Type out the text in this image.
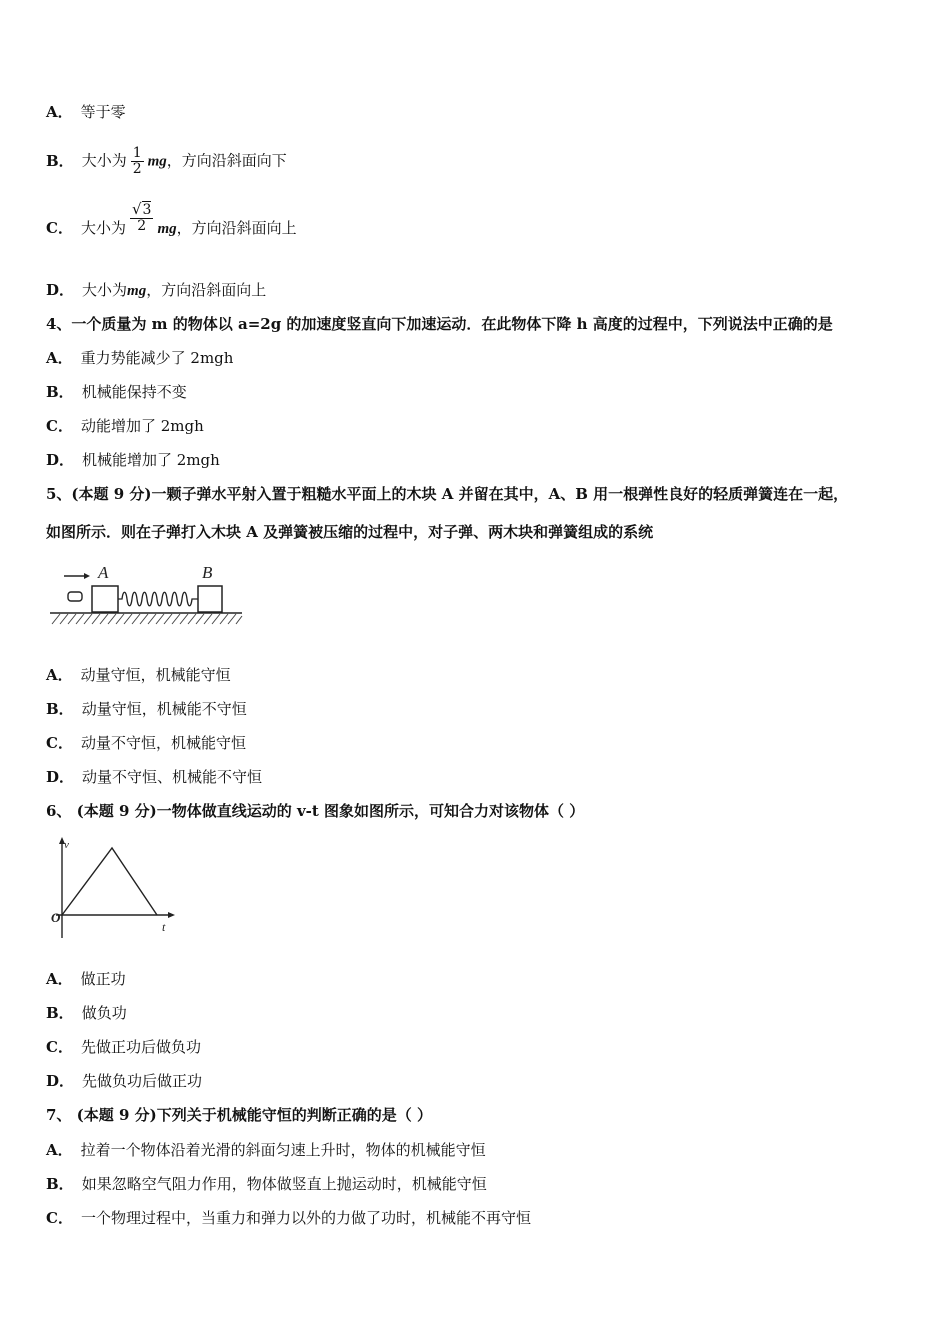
A． 等于零
B． 大小为 $\frac{1}{2}$ mg，方向沿斜面向下
C． 大小为 $\frac{√3}{2}$ mg，方向沿斜面向上
D． 大小为mg，方向沿斜面向上
4、一个质量为 m 的物体以 a=2g 的加速度竖直向下加速运动．在此物体下降 h 高度的过程中，下列说法中正确的是
A． 重力势能减少了 2mgh
B． 机械能保持不变
C． 动能增加了 2mgh
D． 机械能增加了 2mgh
5、(本题 9 分)一颗子弹水平射入置于粗糙水平面上的木块 A 并留在其中，A、B 用一根弹性良好的轻质弹簧连在一起，
如图所示．则在子弹打入木块 A 及弹簧被压缩的过程中，对子弹、两木块和弹簧组成的系统
A	B
A． 动量守恒，机械能守恒
B． 动量守恒，机械能不守恒
C． 动量不守恒，机械能守恒
D． 动量不守恒、机械能不守恒
6、 (本题 9 分)一物体做直线运动的 v-t 图象如图所示，可知合力对该物体（ ）
v
O
t
A． 做正功
B． 做负功
C． 先做正功后做负功
D． 先做负功后做正功
7、 (本题 9 分)下列关于机械能守恒的判断正确的是（ ）
A． 拉着一个物体沿着光滑的斜面匀速上升时，物体的机械能守恒
B． 如果忽略空气阻力作用，物体做竖直上抛运动时，机械能守恒
C． 一个物理过程中，当重力和弹力以外的力做了功时，机械能不再守恒
